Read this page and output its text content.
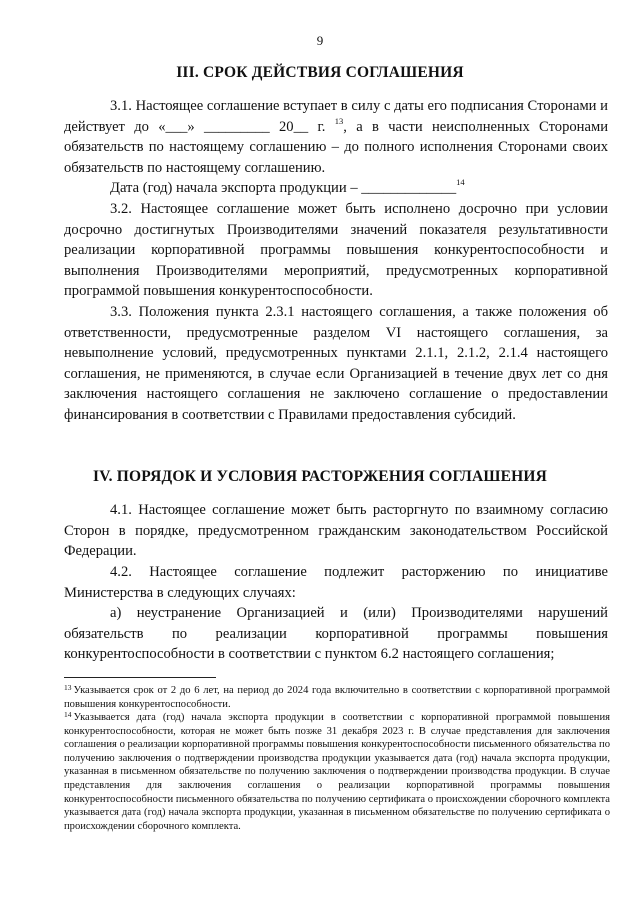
9
III. СРОК ДЕЙСТВИЯ СОГЛАШЕНИЯ

3.1. Настоящее соглашение вступает в силу с даты его подписания Сторонами и действует до «___» _________ 20__ г. $^{13}$, а в части неисполненных Сторонами обязательств по настоящему соглашению – до полного исполнения Сторонами своих обязательств по настоящему соглашению.

Дата (год) начала экспорта продукции – _____________$^{14}$

3.2. Настоящее соглашение может быть исполнено досрочно при условии досрочно достигнутых Производителями значений показателя результативности реализации корпоративной программы повышения конкурентоспособности и выполнения Производителями мероприятий, предусмотренных корпоративной программой повышения конкурентоспособности.

3.3. Положения пункта 2.3.1 настоящего соглашения, а также положения об ответственности, предусмотренные разделом VI настоящего соглашения, за невыполнение условий, предусмотренных пунктами 2.1.1, 2.1.2, 2.1.4 настоящего соглашения, не применяются, в случае если Организацией в течение двух лет со дня заключения настоящего соглашения не заключено соглашение о предоставлении финансирования в соответствии с Правилами предоставления субсидий.

IV. ПОРЯДОК И УСЛОВИЯ РАСТОРЖЕНИЯ СОГЛАШЕНИЯ

4.1. Настоящее соглашение может быть расторгнуто по взаимному согласию Сторон в порядке, предусмотренном гражданским законодательством Российской Федерации.

4.2. Настоящее соглашение подлежит расторжению по инициативе Министерства в следующих случаях:

а) неустранение Организацией и (или) Производителями нарушений обязательств по реализации корпоративной программы повышения конкурентоспособности в соответствии с пунктом 6.2 настоящего соглашения;

$^{13}$ Указывается срок от 2 до 6 лет, на период до 2024 года включительно в соответствии с корпоративной программой повышения конкурентоспособности.

$^{14}$ Указывается дата (год) начала экспорта продукции в соответствии с корпоративной программой повышения конкурентоспособности, которая не может быть позже 31 декабря 2023 г. В случае представления для заключения соглашения о реализации корпоративной программы повышения конкурентоспособности письменного обязательства по получению заключения о подтверждении производства продукции указывается дата (год) начала экспорта продукции, указанная в письменном обязательстве по получению заключения о подтверждении производства продукции. В случае представления для заключения соглашения о реализации корпоративной программы повышения конкурентоспособности письменного обязательства по получению сертификата о происхождении сборочного комплекта указывается дата (год) начала экспорта продукции, указанная в письменном обязательстве по получению сертификата о происхождении сборочного комплекта.
